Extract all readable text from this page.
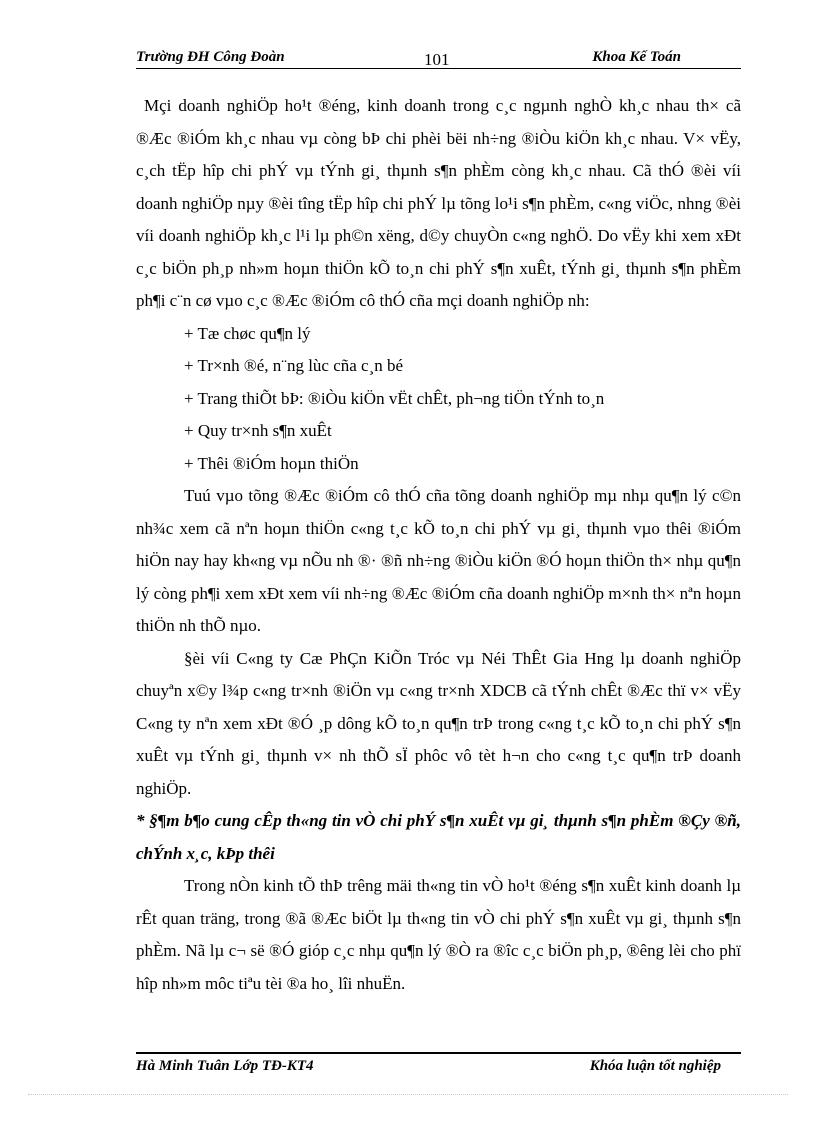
Trường ĐH Công Đoàn	101	Khoa Kế Toán

Mçi doanh nghiÖp ho¹t ®éng, kinh doanh trong c¸c ngµnh nghÒ kh¸c nhau th× cã ®Æc ®iÓm kh¸c nhau vµ còng bÞ chi phèi bëi nh÷ng ®iÒu kiÖn kh¸c nhau. V× vËy, c¸ch tËp hîp chi phÝ vµ tÝnh gi¸ thµnh s¶n phÈm còng kh¸c nhau. Cã thÓ ®èi víi doanh nghiÖp nµy ®èi tîng tËp hîp chi phÝ lµ tõng lo¹i s¶n phÈm, c«ng viÖc, nhng ®èi víi doanh nghiÖp kh¸c l¹i lµ ph©n xëng, d©y chuyÒn c«ng nghÖ. Do vËy khi xem xÐt c¸c biÖn ph¸p nh»m hoµn thiÖn kÕ to¸n chi phÝ s¶n xuÊt, tÝnh gi¸ thµnh s¶n phÈm ph¶i c¨n cø vµo c¸c ®Æc ®iÓm cô thÓ cña mçi doanh nghiÖp nh:

+ Tæ chøc qu¶n lý

+ Tr×nh ®é, n¨ng lùc cña c¸n bé

+ Trang thiÕt bÞ: ®iÒu kiÖn vËt chÊt, ph¬ng tiÖn tÝnh to¸n

+ Quy tr×nh s¶n xuÊt

+ Thêi ®iÓm hoµn thiÖn

Tuú vµo tõng ®Æc ®iÓm cô thÓ cña tõng doanh nghiÖp mµ nhµ qu¶n lý c©n nh¾c xem cã nªn hoµn thiÖn c«ng t¸c kÕ to¸n chi phÝ vµ gi¸ thµnh vµo thêi ®iÓm hiÖn nay hay kh«ng vµ nÕu nh ®· ®ñ nh÷ng ®iÒu kiÖn ®Ó hoµn thiÖn th× nhµ qu¶n lý còng ph¶i xem xÐt xem víi nh÷ng ®Æc ®iÓm cña doanh nghiÖp m×nh th× nªn hoµn thiÖn nh thÕ nµo.

§èi víi C«ng ty Cæ PhÇn KiÕn Tróc vµ Néi ThÊt Gia Hng lµ doanh nghiÖp chuyªn x©y l¾p c«ng tr×nh ®iÖn vµ c«ng tr×nh XDCB cã tÝnh chÊt ®Æc thï v× vËy C«ng ty nªn xem xÐt ®Ó ¸p dông kÕ to¸n qu¶n trÞ trong c«ng t¸c kÕ to¸n chi phÝ s¶n xuÊt vµ tÝnh gi¸ thµnh v× nh thÕ sÏ phôc vô tèt h¬n cho c«ng t¸c qu¶n trÞ doanh nghiÖp.

* §¶m b¶o cung cÊp th«ng tin vÒ chi phÝ s¶n xuÊt vµ gi¸ thµnh s¶n phÈm ®Çy ®ñ, chÝnh x¸c, kÞp thêi

Trong nÒn kinh tÕ thÞ trêng mäi th«ng tin vÒ ho¹t ®éng s¶n xuÊt kinh doanh lµ rÊt quan träng, trong ®ã ®Æc biÖt lµ th«ng tin vÒ chi phÝ s¶n xuÊt vµ gi¸ thµnh s¶n phÈm. Nã lµ c¬ së ®Ó gióp c¸c nhµ qu¶n lý ®Ò ra ®îc c¸c biÖn ph¸p, ®êng lèi cho phï hîp nh»m môc tiªu tèi ®a ho¸ lîi nhuËn.

Hà Minh Tuân Lớp TĐ-KT4	Khóa luận tốt nghiệp
